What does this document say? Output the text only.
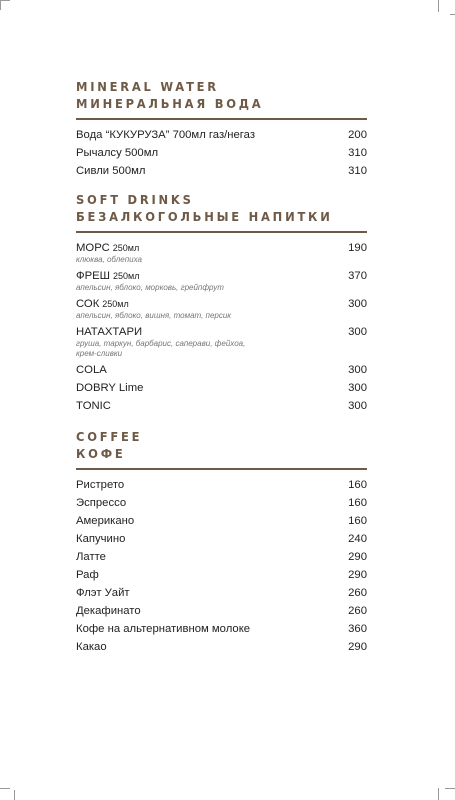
MINERAL WATER
МИНЕРАЛЬНАЯ ВОДА
Вода “КУКУРУЗА” 700мл газ/негаз	200
Рычалсу 500мл	310
Сивли 500мл	310
SOFT DRINKS
БЕЗАЛКОГОЛЬНЫЕ НАПИТКИ
МОРС 250мл	190
клюква, облепиха
ФРЕШ 250мл	370
апельсин, яблоко, морковь, грейпфрут
СОК 250мл	300
апельсин, яблоко, вишня, томат, персик
НАТАХТАРИ	300
груша, таркун, барбарис, саперави, фейхоа, крем-сливки
COLA	300
DOBRY Lime	300
TONIC	300
COFFEE
КОФЕ
Ристрето	160
Эспрессо	160
Американо	160
Капучино	240
Латте	290
Раф	290
Флэт Уайт	260
Декафинато	260
Кофе на альтернативном молоке	360
Какао	290
